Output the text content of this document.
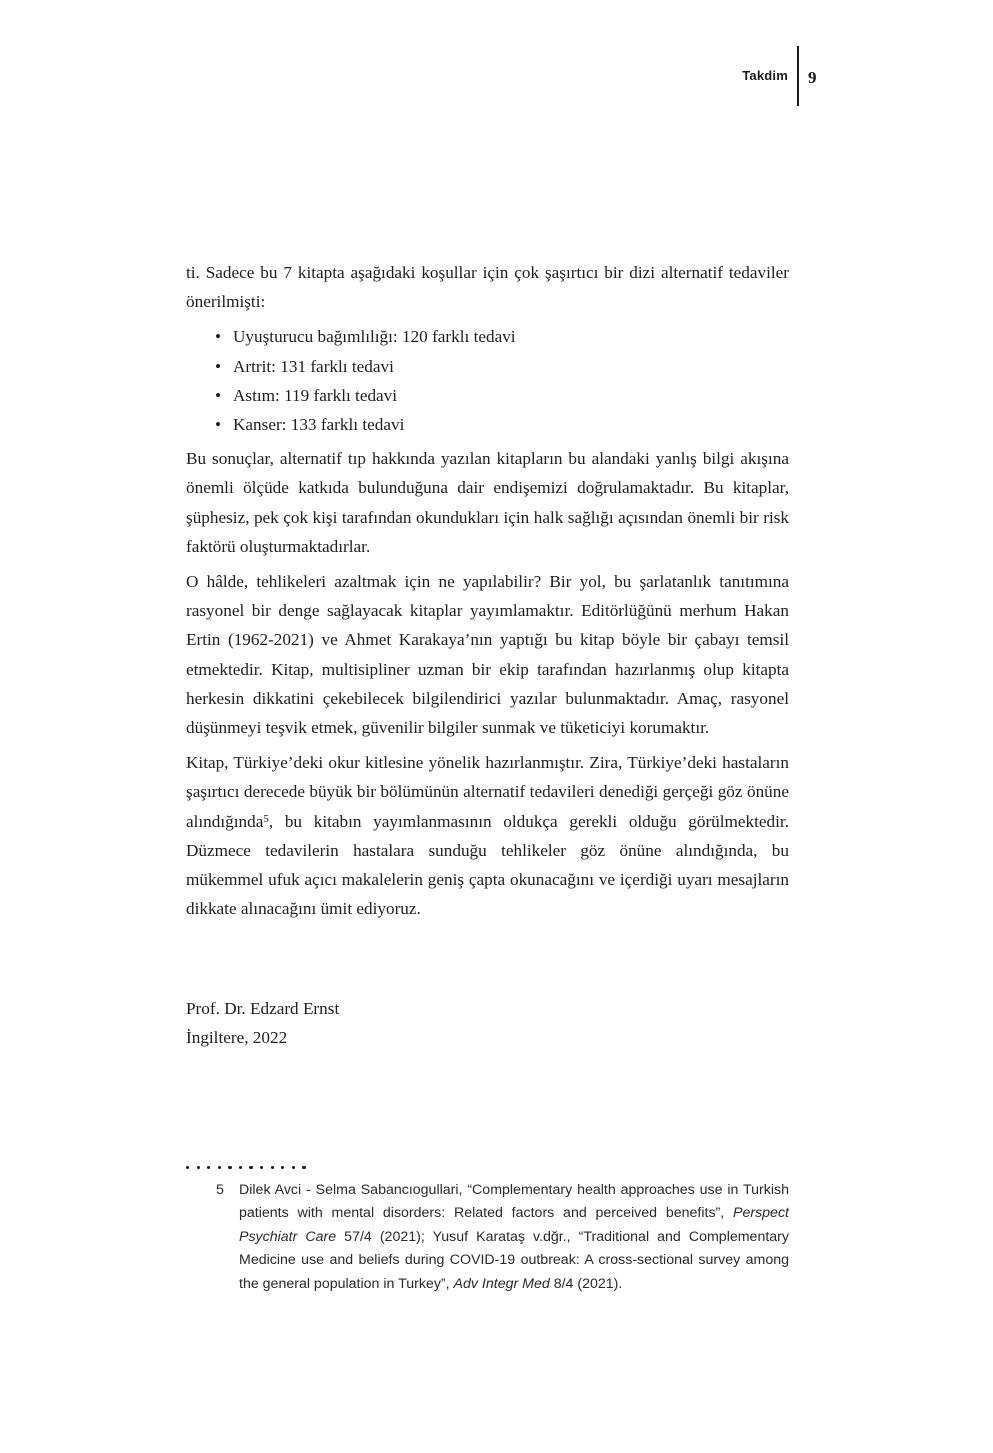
Takdim 9

ti. Sadece bu 7 kitapta aşağıdaki koşullar için çok şaşırtıcı bir dizi alternatif tedaviler önerilmişti:

• Uyuşturucu bağımlılığı: 120 farklı tedavi
• Artrit: 131 farklı tedavi
• Astım: 119 farklı tedavi
• Kanser: 133 farklı tedavi

Bu sonuçlar, alternatif tıp hakkında yazılan kitapların bu alandaki yanlış bilgi akışına önemli ölçüde katkıda bulunduğuna dair endişemizi doğrulamaktadır. Bu kitaplar, şüphesiz, pek çok kişi tarafından okundukları için halk sağlığı açısından önemli bir risk faktörü oluşturmaktadırlar.

O hâlde, tehlikeleri azaltmak için ne yapılabilir? Bir yol, bu şarlatanlık tanıtımına rasyonel bir denge sağlayacak kitaplar yayımlamaktır. Editörlüğünü merhum Hakan Ertin (1962-2021) ve Ahmet Karakaya’nın yaptığı bu kitap böyle bir çabayı temsil etmektedir. Kitap, multisipliner uzman bir ekip tarafından hazırlanmış olup kitapta herkesin dikkatini çekebilecek bilgilendirici yazılar bulunmaktadır. Amaç, rasyonel düşünmeyi teşvik etmek, güvenilir bilgiler sunmak ve tüketiciyi korumaktır.

Kitap, Türkiye’deki okur kitlesine yönelik hazırlanmıştır. Zira, Türkiye’deki hastaların şaşırtıcı derecede büyük bir bölümünün alternatif tedavileri denediği gerçeği göz önüne alındığında$^5$, bu kitabın yayımlanmasının oldukça gerekli olduğu görülmektedir. Düzmece tedavilerin hastalara sunduğu tehlikeler göz önüne alındığında, bu mükemmel ufuk açıcı makalelerin geniş çapta okunacağını ve içerdiği uyarı mesajların dikkate alınacağını ümit ediyoruz.

Prof. Dr. Edzard Ernst
İngiltere, 2022
5 Dilek Avci - Selma Sabancıogullari, “Complementary health approaches use in Turkish patients with mental disorders: Related factors and perceived benefits”, Perspect Psychiatr Care 57/4 (2021); Yusuf Karataş v.dğr., “Traditional and Complementary Medicine use and beliefs during COVID-19 outbreak: A cross-sectional survey among the general population in Turkey”, Adv Integr Med 8/4 (2021).
